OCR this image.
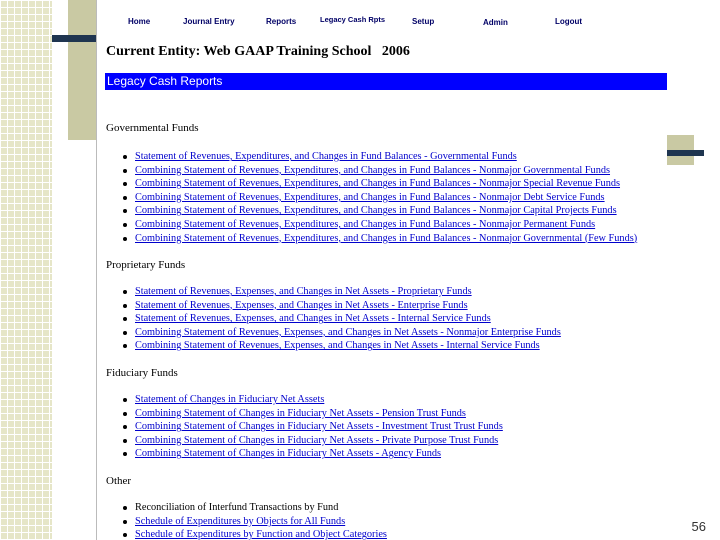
Home	Journal Entry	Reports	Legacy Cash Rpts	Setup	Admin	Logout
Current Entity: Web GAAP Training School   2006
Legacy Cash Reports
Governmental Funds
Statement of Revenues, Expenditures, and Changes in Fund Balances - Governmental Funds
Combining Statement of Revenues, Expenditures, and Changes in Fund Balances - Nonmajor Governmental Funds
Combining Statement of Revenues, Expenditures, and Changes in Fund Balances - Nonmajor Special Revenue Funds
Combining Statement of Revenues, Expenditures, and Changes in Fund Balances - Nonmajor Debt Service Funds
Combining Statement of Revenues, Expenditures, and Changes in Fund Balances - Nonmajor Capital Projects Funds
Combining Statement of Revenues, Expenditures, and Changes in Fund Balances - Nonmajor Permanent Funds
Combining Statement of Revenues, Expenditures, and Changes in Fund Balances - Nonmajor Governmental (Few Funds)
Proprietary Funds
Statement of Revenues, Expenses, and Changes in Net Assets - Proprietary Funds
Statement of Revenues, Expenses, and Changes in Net Assets - Enterprise Funds
Statement of Revenues, Expenses, and Changes in Net Assets - Internal Service Funds
Combining Statement of Revenues, Expenses, and Changes in Net Assets - Nonmajor Enterprise Funds
Combining Statement of Revenues, Expenses, and Changes in Net Assets - Internal Service Funds
Fiduciary Funds
Statement of Changes in Fiduciary Net Assets
Combining Statement of Changes in Fiduciary Net Assets - Pension Trust Funds
Combining Statement of Changes in Fiduciary Net Assets - Investment Trust Trust Funds
Combining Statement of Changes in Fiduciary Net Assets - Private Purpose Trust Funds
Combining Statement of Changes in Fiduciary Net Assets - Agency Funds
Other
Reconciliation of Interfund Transactions by Fund
Schedule of Expenditures by Objects for All Funds
Schedule of Expenditures by Function and Object Categories
56
